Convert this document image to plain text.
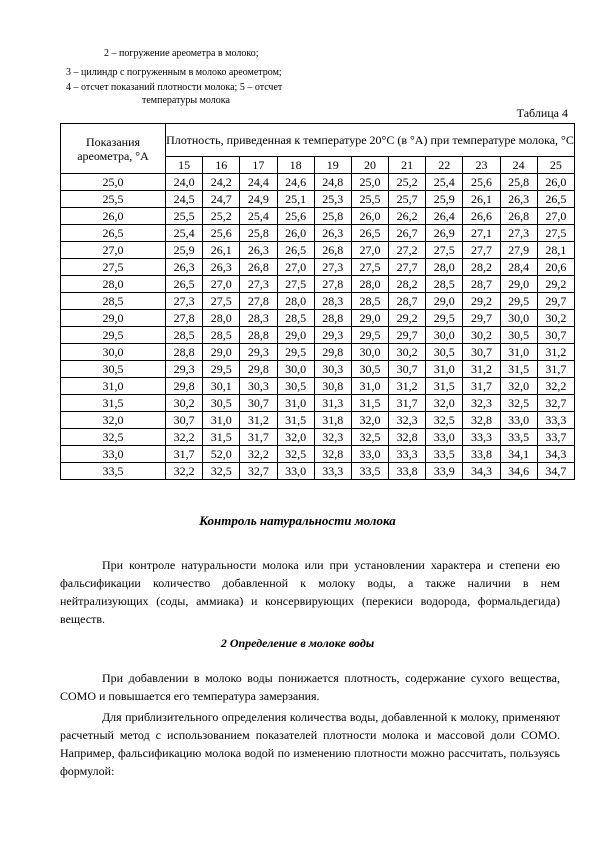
2 – погружение ареометра в молоко;
3 – цилиндр с погруженным в молоко ареометром;
4 – отсчет показаний плотности молока; 5 – отсчет
температуры молока
Таблица 4
Показания ареометра, °А	Плотность, приведенная к температуре 20°С (в °А) при температуре молока, °С										
	15	16	17	18	19	20	21	22	23	24	25
25,0	24,0	24,2	24,4	24,6	24,8	25,0	25,2	25,4	25,6	25,8	26,0
25,5	24,5	24,7	24,9	25,1	25,3	25,5	25,7	25,9	26,1	26,3	26,5
26,0	25,5	25,2	25,4	25,6	25,8	26,0	26,2	26,4	26,6	26,8	27,0
26,5	25,4	25,6	25,8	26,0	26,3	26,5	26,7	26,9	27,1	27,3	27,5
27,0	25,9	26,1	26,3	26,5	26,8	27,0	27,2	27,5	27,7	27,9	28,1
27,5	26,3	26,3	26,8	27,0	27,3	27,5	27,7	28,0	28,2	28,4	20,6
28,0	26,5	27,0	27,3	27,5	27,8	28,0	28,2	28,5	28,7	29,0	29,2
28,5	27,3	27,5	27,8	28,0	28,3	28,5	28,7	29,0	29,2	29,5	29,7
29,0	27,8	28,0	28,3	28,5	28,8	29,0	29,2	29,5	29,7	30,0	30,2
29,5	28,5	28,5	28,8	29,0	29,3	29,5	29,7	30,0	30,2	30,5	30,7
30,0	28,8	29,0	29,3	29,5	29,8	30,0	30,2	30,5	30,7	31,0	31,2
30,5	29,3	29,5	29,8	30,0	30,3	30,5	30,7	31,0	31,2	31,5	31,7
31,0	29,8	30,1	30,3	30,5	30,8	31,0	31,2	31,5	31,7	32,0	32,2
31,5	30,2	30,5	30,7	31,0	31,3	31,5	31,7	32,0	32,3	32,5	32,7
32,0	30,7	31,0	31,2	31,5	31,8	32,0	32,3	32,5	32,8	33,0	33,3
32,5	32,2	31,5	31,7	32,0	32,3	32,5	32,8	33,0	33,3	33,5	33,7
33,0	31,7	52,0	32,2	32,5	32,8	33,0	33,3	33,5	33,8	34,1	34,3
33,5	32,2	32,5	32,7	33,0	33,3	33,5	33,8	33,9	34,3	34,6	34,7
Контроль натуральности молока

При контроле натуральности молока или при установлении характера и степени ею фальсификации количество добавленной к молоку воды, а также наличии в нем нейтрализующих (соды, аммиака) и консервирующих (перекиси водорода, формальдегида) веществ.

2 Определение в молоке воды

При добавлении в молоко воды понижается плотность, содержание сухого вещества, СОМО и повышается его температура замерзания.

Для приблизительного определения количества воды, добавленной к молоку, применяют расчетный метод с использованием показателей плотности молока и массовой доли СОМО. Например, фальсификацию молока водой по изменению плотности можно рассчитать, пользуясь формулой:
